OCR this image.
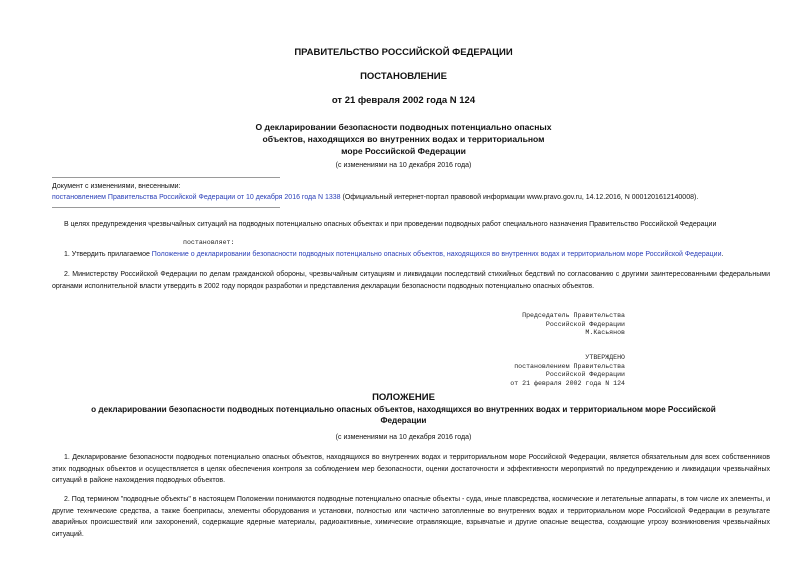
ПРАВИТЕЛЬСТВО РОССИЙСКОЙ ФЕДЕРАЦИИ
ПОСТАНОВЛЕНИЕ
от 21 февраля 2002 года N 124
О декларировании безопасности подводных потенциально опасных
объектов, находящихся во внутренних водах и территориальном
море Российской Федерации
(с изменениями на 10 декабря 2016 года)
Документ с изменениями, внесенными:
постановлением Правительства Российской Федерации от 10 декабря 2016 года N 1338 (Официальный интернет-портал правовой информации www.pravo.gov.ru, 14.12.2016, N 0001201612140008).
В целях предупреждения чрезвычайных ситуаций на подводных потенциально опасных объектах и при проведении подводных работ специального назначения Правительство Российской Федерации
постановляет:
1. Утвердить прилагаемое Положение о декларировании безопасности подводных потенциально опасных объектов, находящихся во внутренних водах и территориальном море Российской Федерации.
2. Министерству Российской Федерации по делам гражданской обороны, чрезвычайным ситуациям и ликвидации последствий стихийных бедствий по согласованию с другими заинтересованными федеральными органами исполнительной власти утвердить в 2002 году порядок разработки и представления декларации безопасности подводных потенциально опасных объектов.
Председатель Правительства
Российской Федерации
М.Касьянов
УТВЕРЖДЕНО
постановлением Правительства
Российской Федерации
от 21 февраля 2002 года N 124
ПОЛОЖЕНИЕ
о декларировании безопасности подводных потенциально опасных объектов, находящихся во внутренних водах и территориальном море Российской
Федерации
(с изменениями на 10 декабря 2016 года)
1. Декларирование безопасности подводных потенциально опасных объектов, находящихся во внутренних водах и территориальном море Российской Федерации, является обязательным для всех собственников этих подводных объектов и осуществляется в целях обеспечения контроля за соблюдением мер безопасности, оценки достаточности и эффективности мероприятий по предупреждению и ликвидации чрезвычайных ситуаций в районе нахождения подводных объектов.
2. Под термином "подводные объекты" в настоящем Положении понимаются подводные потенциально опасные объекты - суда, иные плавсредства, космические и летательные аппараты, в том числе их элементы, и другие технические средства, а также боеприпасы, элементы оборудования и установки, полностью или частично затопленные во внутренних водах и территориальном море Российской Федерации в результате аварийных происшествий или захоронений, содержащие ядерные материалы, радиоактивные, химические отравляющие, взрывчатые и другие опасные вещества, создающие угрозу возникновения чрезвычайных ситуаций.
